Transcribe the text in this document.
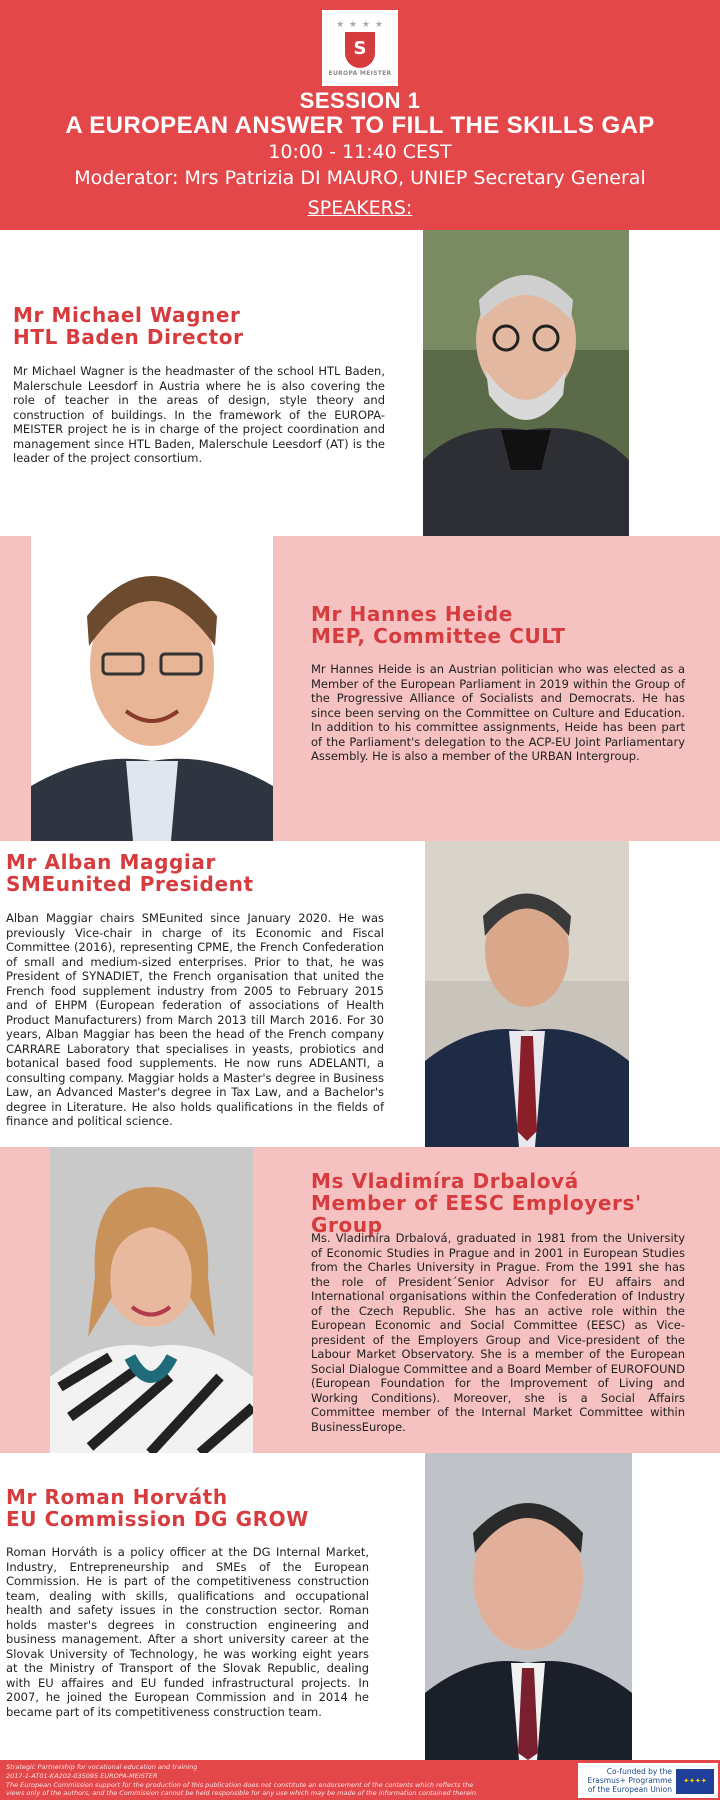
★ ★ ★ ★
S
EUROPA MEISTER
SESSION 1
A EUROPEAN ANSWER TO FILL THE SKILLS GAP
10:00 - 11:40 CEST
Moderator: Mrs Patrizia DI MAURO, UNIEP Secretary General
SPEAKERS:
Mr Michael Wagner
HTL Baden Director
Mr Michael Wagner is the headmaster of the school HTL Baden, Malerschule Leesdorf in Austria where he is also covering the role of teacher in the areas of design, style theory and construction of buildings. In the framework of the EUROPA-MEISTER project he is in charge of the project coordination and management since HTL Baden, Malerschule Leesdorf (AT) is the leader of the project consortium.
Mr Hannes Heide
MEP, Committee CULT
Mr Hannes Heide is an Austrian politician who was elected as a Member of the European Parliament in 2019 within the Group of the Progressive Alliance of Socialists and Democrats. He has since been serving on the Committee on Culture and Education. In addition to his committee assignments, Heide has been part of the Parliament's delegation to the ACP-EU Joint Parliamentary Assembly. He is also a member of the URBAN Intergroup.
Mr Alban Maggiar
SMEunited President
Alban Maggiar chairs SMEunited since January 2020. He was previously Vice-chair in charge of its Economic and Fiscal Committee (2016), representing CPME, the French Confederation of small and medium-sized enterprises. Prior to that, he was President of SYNADIET, the French organisation that united the French food supplement industry from 2005 to February 2015 and of EHPM (European federation of associations of Health Product Manufacturers) from March 2013 till March 2016. For 30 years, Alban Maggiar has been the head of the French company CARRARE Laboratory that specialises in yeasts, probiotics and botanical based food supplements. He now runs ADELANTI, a consulting company. Maggiar holds a Master's degree in Business Law, an Advanced Master's degree in Tax Law, and a Bachelor's degree in Literature. He also holds qualifications in the fields of finance and political science.
Ms Vladimíra Drbalová
Member of EESC Employers' Group
Ms. Vladimíra Drbalová, graduated in 1981 from the University of Economic Studies in Prague and in 2001 in European Studies from the Charles University in Prague. From the 1991 she has the role of President´Senior Advisor for EU affairs and International organisations within the Confederation of Industry of the Czech Republic. She has an active role within the European Economic and Social Committee (EESC) as Vice-president of the Employers Group and Vice-president of the Labour Market Observatory. She is a member of the European Social Dialogue Committee and a Board Member of EUROFOUND (European Foundation for the Improvement of Living and Working Conditions). Moreover, she is a Social Affairs Committee member of the Internal Market Committee within BusinessEurope.
Mr Roman Horváth
EU Commission DG GROW
Roman Horváth is a policy officer at the DG Internal Market, Industry, Entrepreneurship and SMEs of the European Commission. He is part of the competitiveness construction team, dealing with skills, qualifications and occupational health and safety issues in the construction sector. Roman holds master's degrees in construction engineering and business management. After a short university career at the Slovak University of Technology, he was working eight years at the Ministry of Transport of the Slovak Republic, dealing with EU affaires and EU funded infrastructural projects. In 2007, he joined the European Commission and in 2014 he became part of its competitiveness construction team.
Strategic Partnership for vocational education and training
2017-1-AT01-KA202-035095 EUROPA-MEISTER
The European Commission support for the production of this publication does not constitute an endorsement of the contents which reflects the
views only of the authors, and the Commission cannot be held responsible for any use which may be made of the information contained therein.
Co-funded by the
Erasmus+ Programme
of the European Union
✦✦✦✦
